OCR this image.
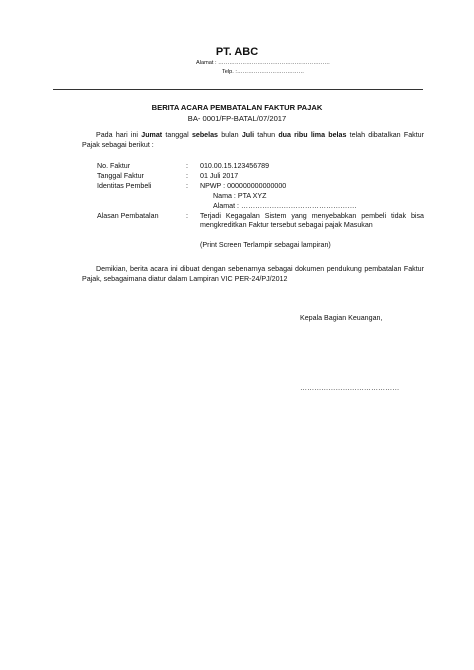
PT. ABC
Alamat : ……………………………………………………
Telp. :………………………………
BERITA ACARA PEMBATALAN FAKTUR PAJAK
BA- 0001/FP-BATAL/07/2017
Pada hari ini Jumat tanggal sebelas bulan Juli tahun dua ribu lima belas telah dibatalkan Faktur Pajak sebagai berikut :
No. Faktur	: 010.00.15.123456789
Tanggal Faktur	: 01 Juli 2017
Identitas Pembeli	: NPWP : 000000000000000
Nama : PTA XYZ
Alamat : ………………………………………….
Alasan Pembatalan	: Terjadi Kegagalan Sistem yang menyebabkan pembeli tidak bisa mengkreditkan Faktur tersebut sebagai pajak Masukan
(Print Screen Terlampir sebagai lampiran)
Demikian, berita acara ini dibuat dengan sebenarnya sebagai dokumen pendukung pembatalan Faktur Pajak, sebagaimana diatur dalam Lampiran VIC PER-24/PJ/2012
Kepala Bagian Keuangan,
……………………………………
